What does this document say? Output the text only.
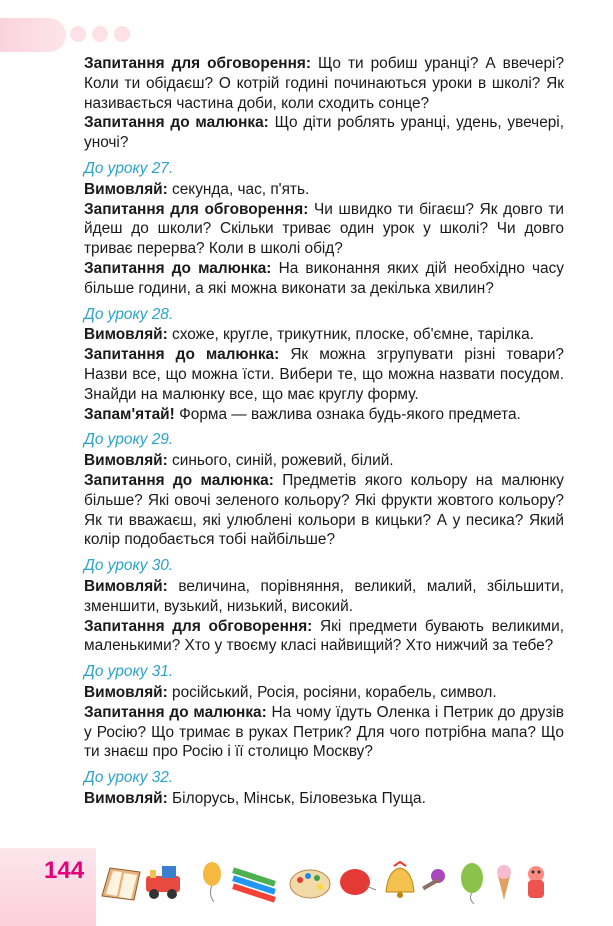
Запитання для обговорення: Що ти робиш уранці? А ввечері? Коли ти обідаєш? О котрій годині починаються уроки в школі? Як називається частина доби, коли сходить сонце?

Запитання до малюнка: Що діти роблять уранці, удень, увечері, уночі?

До уроку 27.

Вимовляй: секунда, час, п'ять.

Запитання для обговорення: Чи швидко ти бігаєш? Як довго ти йдеш до школи? Скільки триває один урок у школі? Чи довго триває перерва? Коли в школі обід?

Запитання до малюнка: На виконання яких дій необхідно часу більше години, а які можна виконати за декілька хвилин?

До уроку 28.

Вимовляй: схоже, кругле, трикутник, плоске, об'ємне, тарілка.

Запитання до малюнка: Як можна згрупувати різні товари? Назви все, що можна їсти. Вибери те, що можна назвати посудом. Знайди на малюнку все, що має круглу форму.

Запам'ятай! Форма — важлива ознака будь-якого предмета.

До уроку 29.

Вимовляй: синього, синій, рожевий, білий.

Запитання до малюнка: Предметів якого кольору на малюнку більше? Які овочі зеленого кольору? Які фрукти жовтого кольору? Як ти вважаєш, які улюблені кольори в кицьки? А у песика? Який колір подобається тобі найбільше?

До уроку 30.

Вимовляй: величина, порівняння, великий, малий, збільшити, зменшити, вузький, низький, високий.

Запитання для обговорення: Які предмети бувають великими, маленькими? Хто у твоєму класі найвищий? Хто нижчий за тебе?

До уроку 31.

Вимовляй: російський, Росія, росіяни, корабель, символ.

Запитання до малюнка: На чому їдуть Оленка і Петрик до друзів у Росію? Що тримає в руках Петрик? Для чого потрібна мапа? Що ти знаєш про Росію і її столицю Москву?

До уроку 32.

Вимовляй: Білорусь, Мінськ, Біловезька Пуща.

144
